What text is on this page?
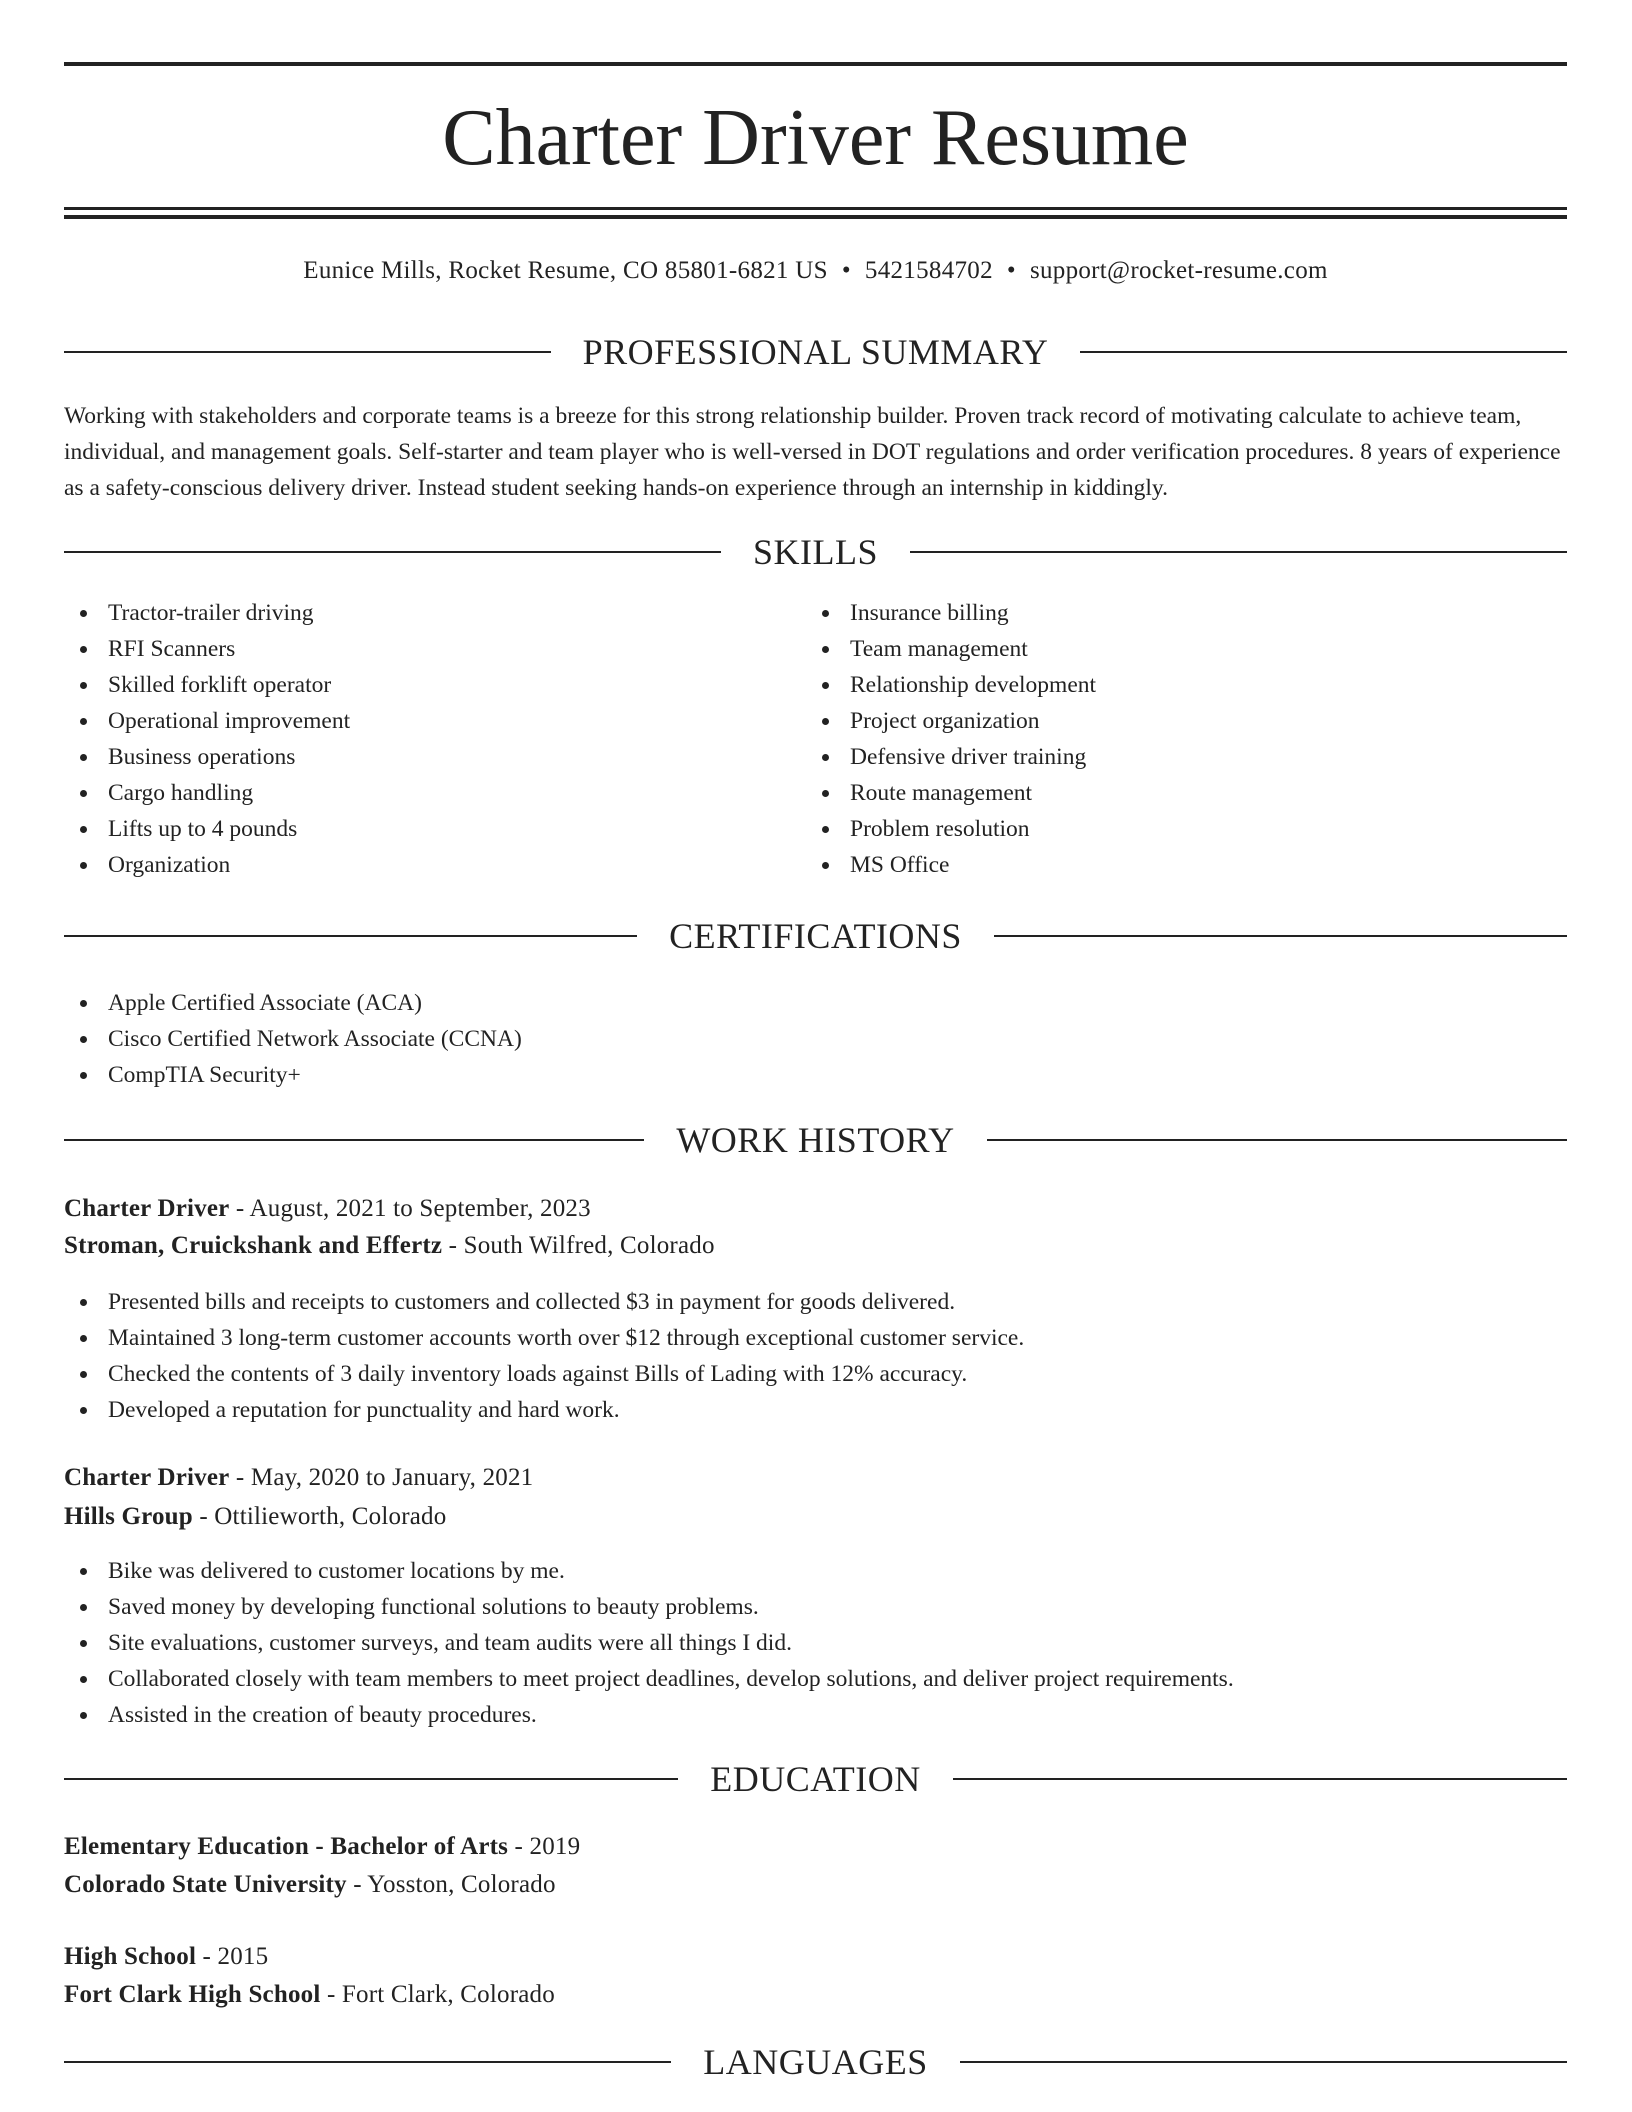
Charter Driver Resume
Eunice Mills, Rocket Resume, CO 85801-6821 US • 5421584702 • support@rocket-resume.com
PROFESSIONAL SUMMARY

Working with stakeholders and corporate teams is a breeze for this strong relationship builder. Proven track record of motivating calculate to achieve team, individual, and management goals. Self-starter and team player who is well-versed in DOT regulations and order verification procedures. 8 years of experience as a safety-conscious delivery driver. Instead student seeking hands-on experience through an internship in kiddingly.

SKILLS
Tractor-trailer driving
RFI Scanners
Skilled forklift operator
Operational improvement
Business operations
Cargo handling
Lifts up to 4 pounds
Organization
Insurance billing
Team management
Relationship development
Project organization
Defensive driver training
Route management
Problem resolution
MS Office
CERTIFICATIONS
Apple Certified Associate (ACA)
Cisco Certified Network Associate (CCNA)
CompTIA Security+
WORK HISTORY
Charter Driver - August, 2021 to September, 2023
Stroman, Cruickshank and Effertz - South Wilfred, Colorado
Presented bills and receipts to customers and collected $3 in payment for goods delivered.
Maintained 3 long-term customer accounts worth over $12 through exceptional customer service.
Checked the contents of 3 daily inventory loads against Bills of Lading with 12% accuracy.
Developed a reputation for punctuality and hard work.
Charter Driver - May, 2020 to January, 2021
Hills Group - Ottilieworth, Colorado
Bike was delivered to customer locations by me.
Saved money by developing functional solutions to beauty problems.
Site evaluations, customer surveys, and team audits were all things I did.
Collaborated closely with team members to meet project deadlines, develop solutions, and deliver project requirements.
Assisted in the creation of beauty procedures.
EDUCATION
Elementary Education - Bachelor of Arts - 2019
Colorado State University - Yosston, Colorado
High School - 2015
Fort Clark High School - Fort Clark, Colorado
LANGUAGES
